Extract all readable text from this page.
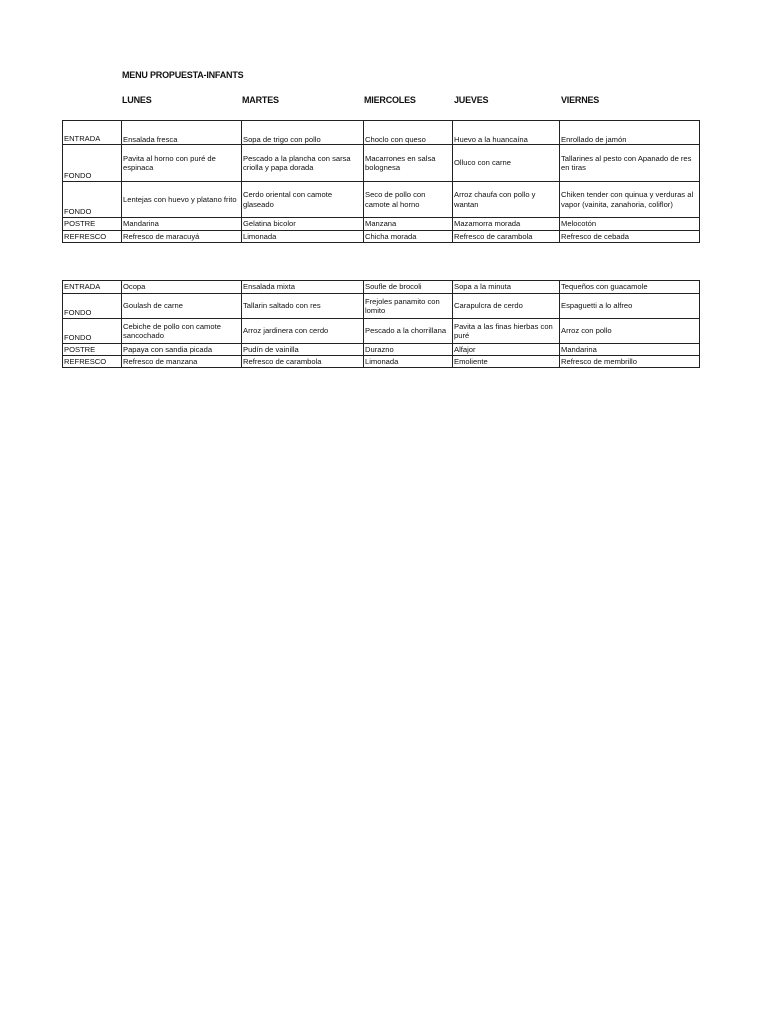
MENU PROPUESTA-INFANTS
LUNES	MARTES	MIERCOLES	JUEVES	VIERNES
ENTRADA	Ensalada fresca	Sopa de trigo con pollo	Choclo con queso	Huevo a la huancaína	Enrollado de jamón
FONDO	Pavita al horno con puré de espinaca	Pescado a la plancha con sarsa criolla y papa dorada	Macarrones en salsa bolognesa	Olluco con carne	Tallarines al pesto con Apanado de res en tiras
FONDO	Lentejas con huevo y platano frito	Cerdo oriental con camote glaseado	Seco de pollo con camote al horno	Arroz chaufa con pollo y wantan	Chiken tender con quinua y verduras al vapor (vainita, zanahoria, coliflor)
POSTRE	Mandarina	Gelatina bicolor	Manzana	Mazamorra morada	Melocotón
REFRESCO	Refresco de maracuyá	Limonada	Chicha morada	Refresco de carambola	Refresco de cebada
ENTRADA	Ocopa	Ensalada mixta	Soufle de brocoli	Sopa a la minuta	Tequeños con guacamole
FONDO	Goulash de carne	Tallarin saltado con res	Frejoles panamito con lomito	Carapulcra de cerdo	Espaguetti a lo alfreo
FONDO	Cebiche de pollo con camote sancochado	Arroz jardinera con cerdo	Pescado a la chorrillana	Pavita a las finas hierbas con puré	Arroz con pollo
POSTRE	Papaya con sandia picada	Pudín de vainilla	Durazno	Alfajor	Mandarina
REFRESCO	Refresco de manzana	Refresco de carambola	Limonada	Emoliente	Refresco de membrillo
